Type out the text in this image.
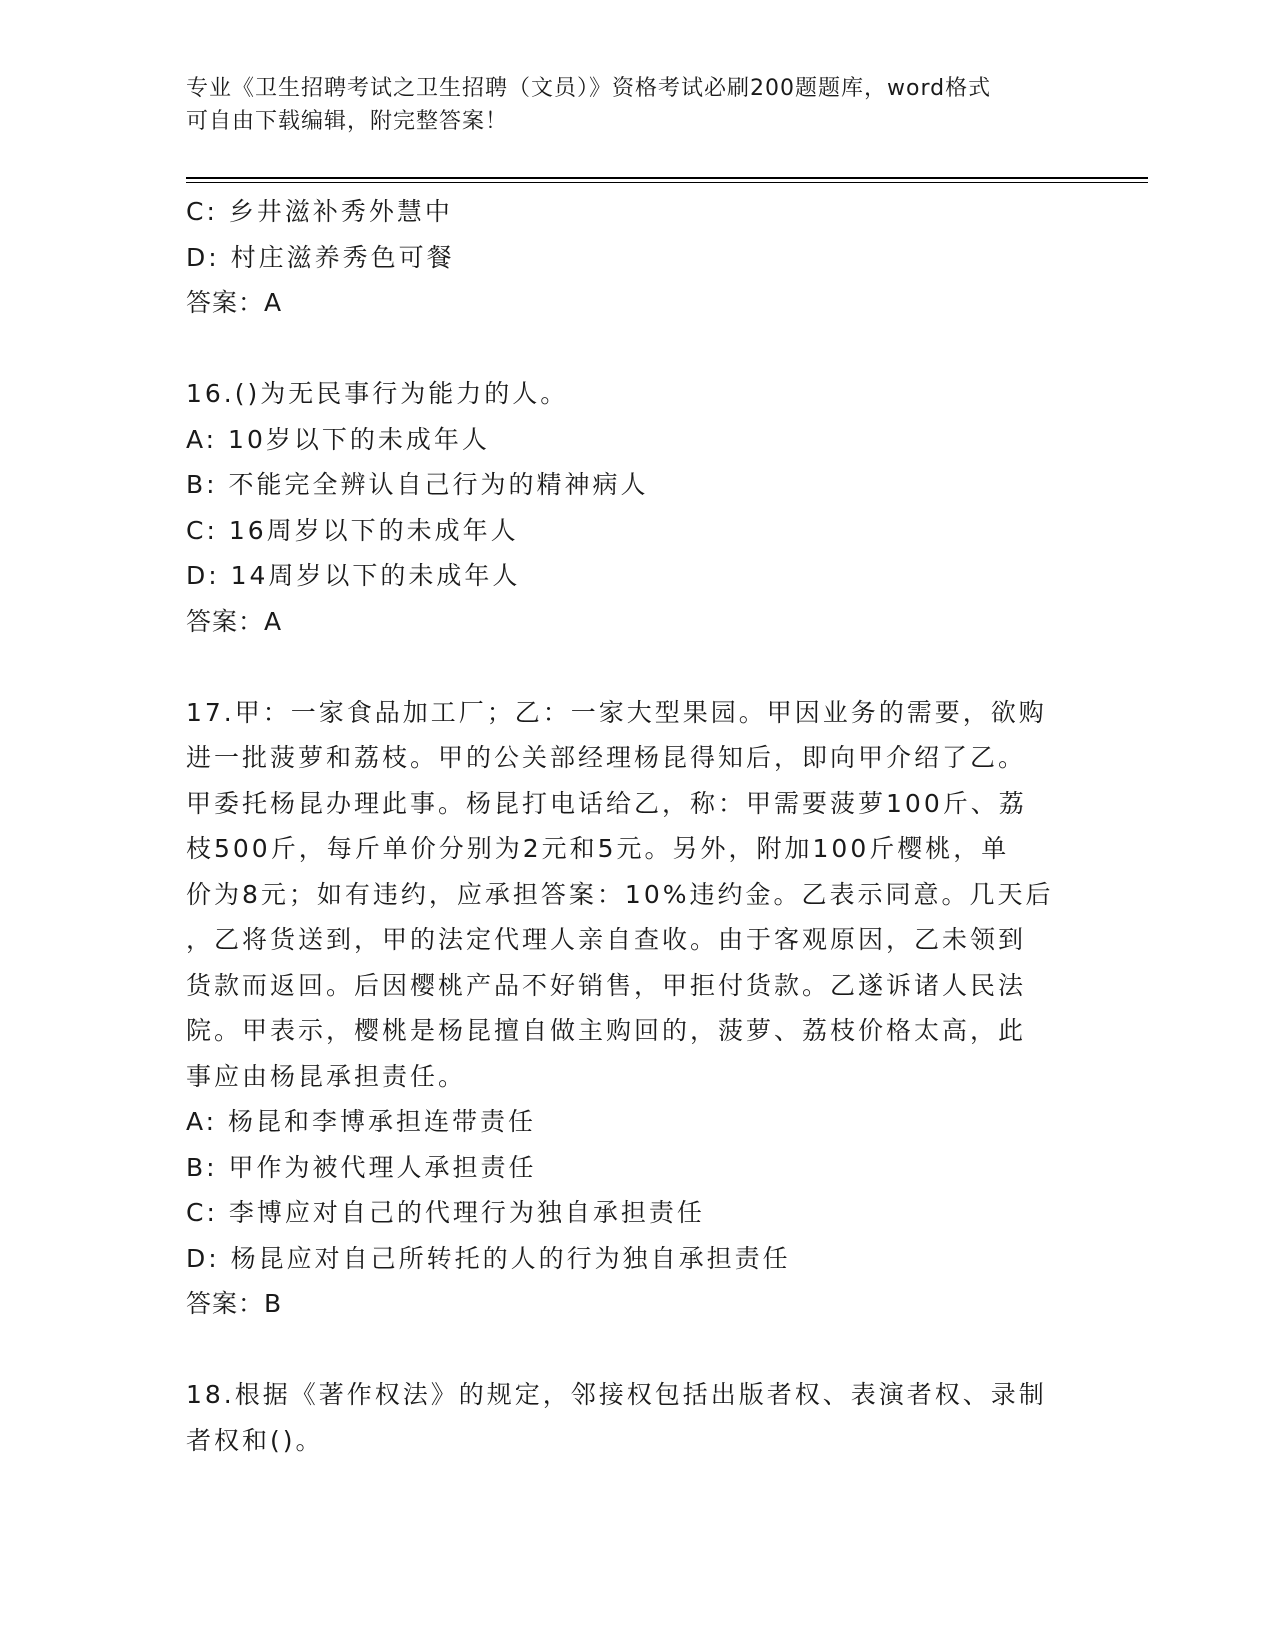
专业《卫生招聘考试之卫生招聘（文员）》资格考试必刷200题题库，word格式
可自由下载编辑，附完整答案！
C: 乡井滋补秀外慧中
D: 村庄滋养秀色可餐
答案：A
16.()为无民事行为能力的人。
A: 10岁以下的未成年人
B: 不能完全辨认自己行为的精神病人
C: 16周岁以下的未成年人
D: 14周岁以下的未成年人
答案：A
17.甲：一家食品加工厂；乙：一家大型果园。甲因业务的需要，欲购
进一批菠萝和荔枝。甲的公关部经理杨昆得知后，即向甲介绍了乙。
甲委托杨昆办理此事。杨昆打电话给乙，称：甲需要菠萝100斤、荔
枝500斤，每斤单价分别为2元和5元。另外，附加100斤樱桃，单
价为8元；如有违约，应承担答案：10%违约金。乙表示同意。几天后
，乙将货送到，甲的法定代理人亲自查收。由于客观原因，乙未领到
货款而返回。后因樱桃产品不好销售，甲拒付货款。乙遂诉诸人民法
院。甲表示，樱桃是杨昆擅自做主购回的，菠萝、荔枝价格太高，此
事应由杨昆承担责任。
A: 杨昆和李博承担连带责任
B: 甲作为被代理人承担责任
C: 李博应对自己的代理行为独自承担责任
D: 杨昆应对自己所转托的人的行为独自承担责任
答案：B
18.根据《著作权法》的规定，邻接权包括出版者权、表演者权、录制
者权和()。
